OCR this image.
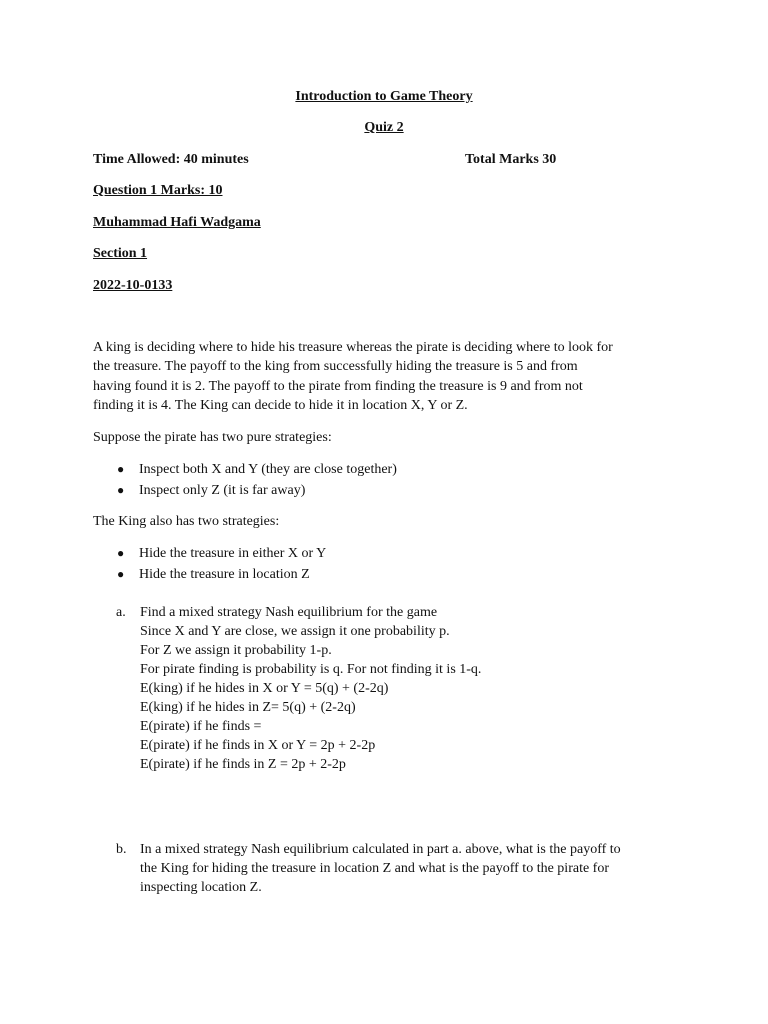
Introduction to Game Theory
Quiz 2
Time Allowed: 40 minutes	Total Marks 30
Question 1 Marks: 10
Muhammad Hafi Wadgama
Section 1
2022-10-0133
A king is deciding where to hide his treasure whereas the pirate is deciding where to look for
the treasure. The payoff to the king from successfully hiding the treasure is 5 and from
having found it is 2. The payoff to the pirate from finding the treasure is 9 and from not
finding it is 4. The King can decide to hide it in location X, Y or Z.
Suppose the pirate has two pure strategies:
● Inspect both X and Y (they are close together)
● Inspect only Z (it is far away)
The King also has two strategies:
● Hide the treasure in either X or Y
● Hide the treasure in location Z
a. Find a mixed strategy Nash equilibrium for the game
Since X and Y are close, we assign it one probability p.
For Z we assign it probability 1-p.
For pirate finding is probability is q. For not finding it is 1-q.
E(king) if he hides in X or Y = 5(q) + (2-2q)
E(king) if he hides in Z= 5(q) + (2-2q)
E(pirate) if he finds =
E(pirate) if he finds in X or Y = 2p + 2-2p
E(pirate) if he finds in Z = 2p + 2-2p
b. In a mixed strategy Nash equilibrium calculated in part a. above, what is the payoff to
the King for hiding the treasure in location Z and what is the payoff to the pirate for
inspecting location Z.
